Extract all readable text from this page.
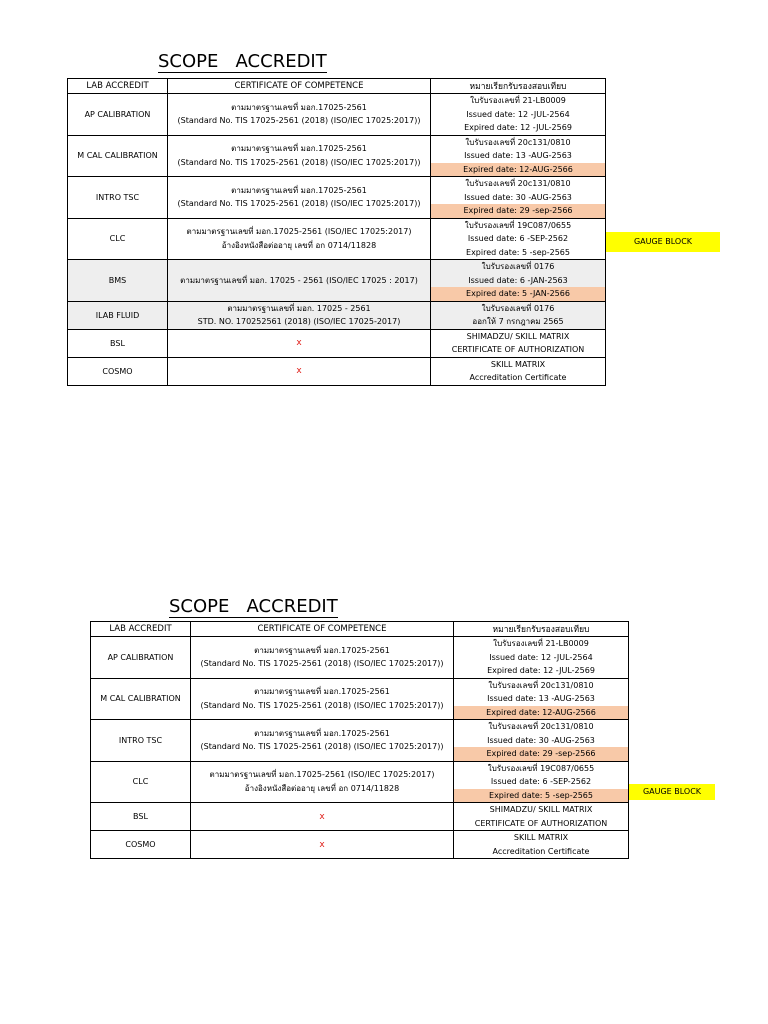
SCOPE   ACCREDIT
LAB ACCREDIT	CERTIFICATE OF COMPETENCE	หมายเรียกรับรองสอบเทียบ
AP CALIBRATION	ตามมาตรฐานเลขที่ มอก.17025-2561
(Standard No. TIS 17025-2561 (2018) (ISO/IEC 17025:2017))	ใบรับรองเลขที่ 21-LB0009
Issued date: 12 -JUL-2564
Expired date: 12 -JUL-2569

M CAL CALIBRATION	ตามมาตรฐานเลขที่ มอก.17025-2561
(Standard No. TIS 17025-2561 (2018) (ISO/IEC 17025:2017))	ใบรับรองเลขที่ 20c131/0810
Issued date: 13 -AUG-2563
Expired date: 12-AUG-2566

INTRO TSC	ตามมาตรฐานเลขที่ มอก.17025-2561
(Standard No. TIS 17025-2561 (2018) (ISO/IEC 17025:2017))	ใบรับรองเลขที่ 20c131/0810
Issued date: 30 -AUG-2563
Expired date: 29 -sep-2566

CLC	ตามมาตรฐานเลขที่ มอก.17025-2561 (ISO/IEC 17025:2017)
อ้างอิงหนังสือต่ออายุ เลขที่ อก 0714/11828	ใบรับรองเลขที่ 19C087/0655
Issued date: 6 -SEP-2562
Expired date: 5 -sep-2565

BMS	ตามมาตรฐานเลขที่ มอก. 17025 - 2561 (ISO/IEC 17025 : 2017)	ใบรับรองเลขที่ 0176
Issued date: 6 -JAN-2563
Expired date: 5 -JAN-2566

ILAB FLUID	ตามมาตรฐานเลขที่ มอก. 17025 - 2561
STD. NO. 170252561 (2018) (ISO/IEC 17025-2017)	ใบรับรองเลขที่ 0176
ออกให้ 7 กรกฎาคม 2565

BSL	x	SHIMADZU/ SKILL MATRIX
CERTIFICATE OF AUTHORIZATION

COSMO	x	SKILL MATRIX
Accreditation Certificate
GAUGE BLOCK
SCOPE   ACCREDIT
LAB ACCREDIT	CERTIFICATE OF COMPETENCE	หมายเรียกรับรองสอบเทียบ
AP CALIBRATION	ตามมาตรฐานเลขที่ มอก.17025-2561
(Standard No. TIS 17025-2561 (2018) (ISO/IEC 17025:2017))	ใบรับรองเลขที่ 21-LB0009
Issued date: 12 -JUL-2564
Expired date: 12 -JUL-2569

M CAL CALIBRATION	ตามมาตรฐานเลขที่ มอก.17025-2561
(Standard No. TIS 17025-2561 (2018) (ISO/IEC 17025:2017))	ใบรับรองเลขที่ 20c131/0810
Issued date: 13 -AUG-2563
Expired date: 12-AUG-2566

INTRO TSC	ตามมาตรฐานเลขที่ มอก.17025-2561
(Standard No. TIS 17025-2561 (2018) (ISO/IEC 17025:2017))	ใบรับรองเลขที่ 20c131/0810
Issued date: 30 -AUG-2563
Expired date: 29 -sep-2566

CLC	ตามมาตรฐานเลขที่ มอก.17025-2561 (ISO/IEC 17025:2017)
อ้างอิงหนังสือต่ออายุ เลขที่ อก 0714/11828	ใบรับรองเลขที่ 19C087/0655
Issued date: 6 -SEP-2562
Expired date: 5 -sep-2565

BSL	x	SHIMADZU/ SKILL MATRIX
CERTIFICATE OF AUTHORIZATION

COSMO	x	SKILL MATRIX
Accreditation Certificate
GAUGE BLOCK
